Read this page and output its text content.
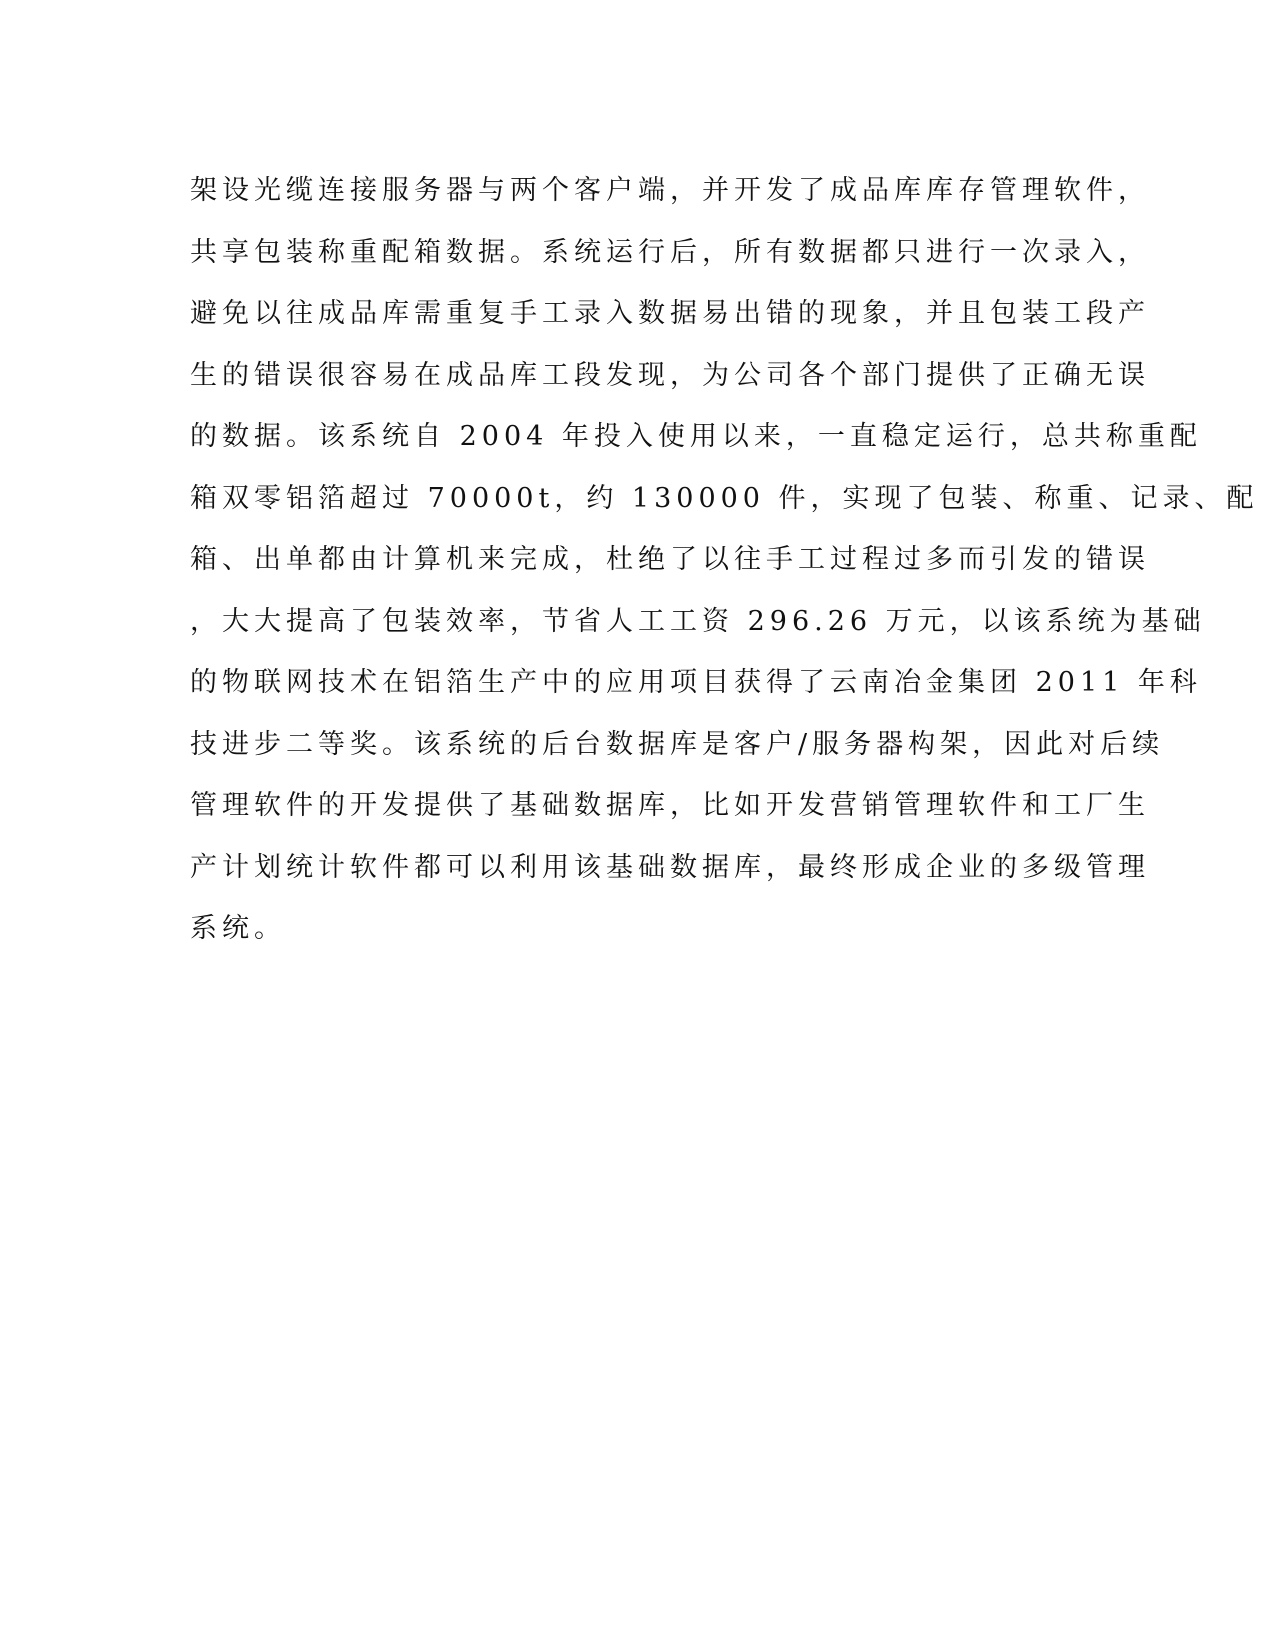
架设光缆连接服务器与两个客户端，并开发了成品库库存管理软件，
共享包装称重配箱数据。系统运行后，所有数据都只进行一次录入，
避免以往成品库需重复手工录入数据易出错的现象，并且包装工段产
生的错误很容易在成品库工段发现，为公司各个部门提供了正确无误
的数据。该系统自 2004 年投入使用以来，一直稳定运行，总共称重配
箱双零铝箔超过 70000t，约 130000 件，实现了包装、称重、记录、配
箱、出单都由计算机来完成，杜绝了以往手工过程过多而引发的错误
，大大提高了包装效率，节省人工工资 296.26 万元，以该系统为基础
的物联网技术在铝箔生产中的应用项目获得了云南冶金集团 2011 年科
技进步二等奖。该系统的后台数据库是客户/服务器构架，因此对后续
管理软件的开发提供了基础数据库，比如开发营销管理软件和工厂生
产计划统计软件都可以利用该基础数据库，最终形成企业的多级管理
系统。
